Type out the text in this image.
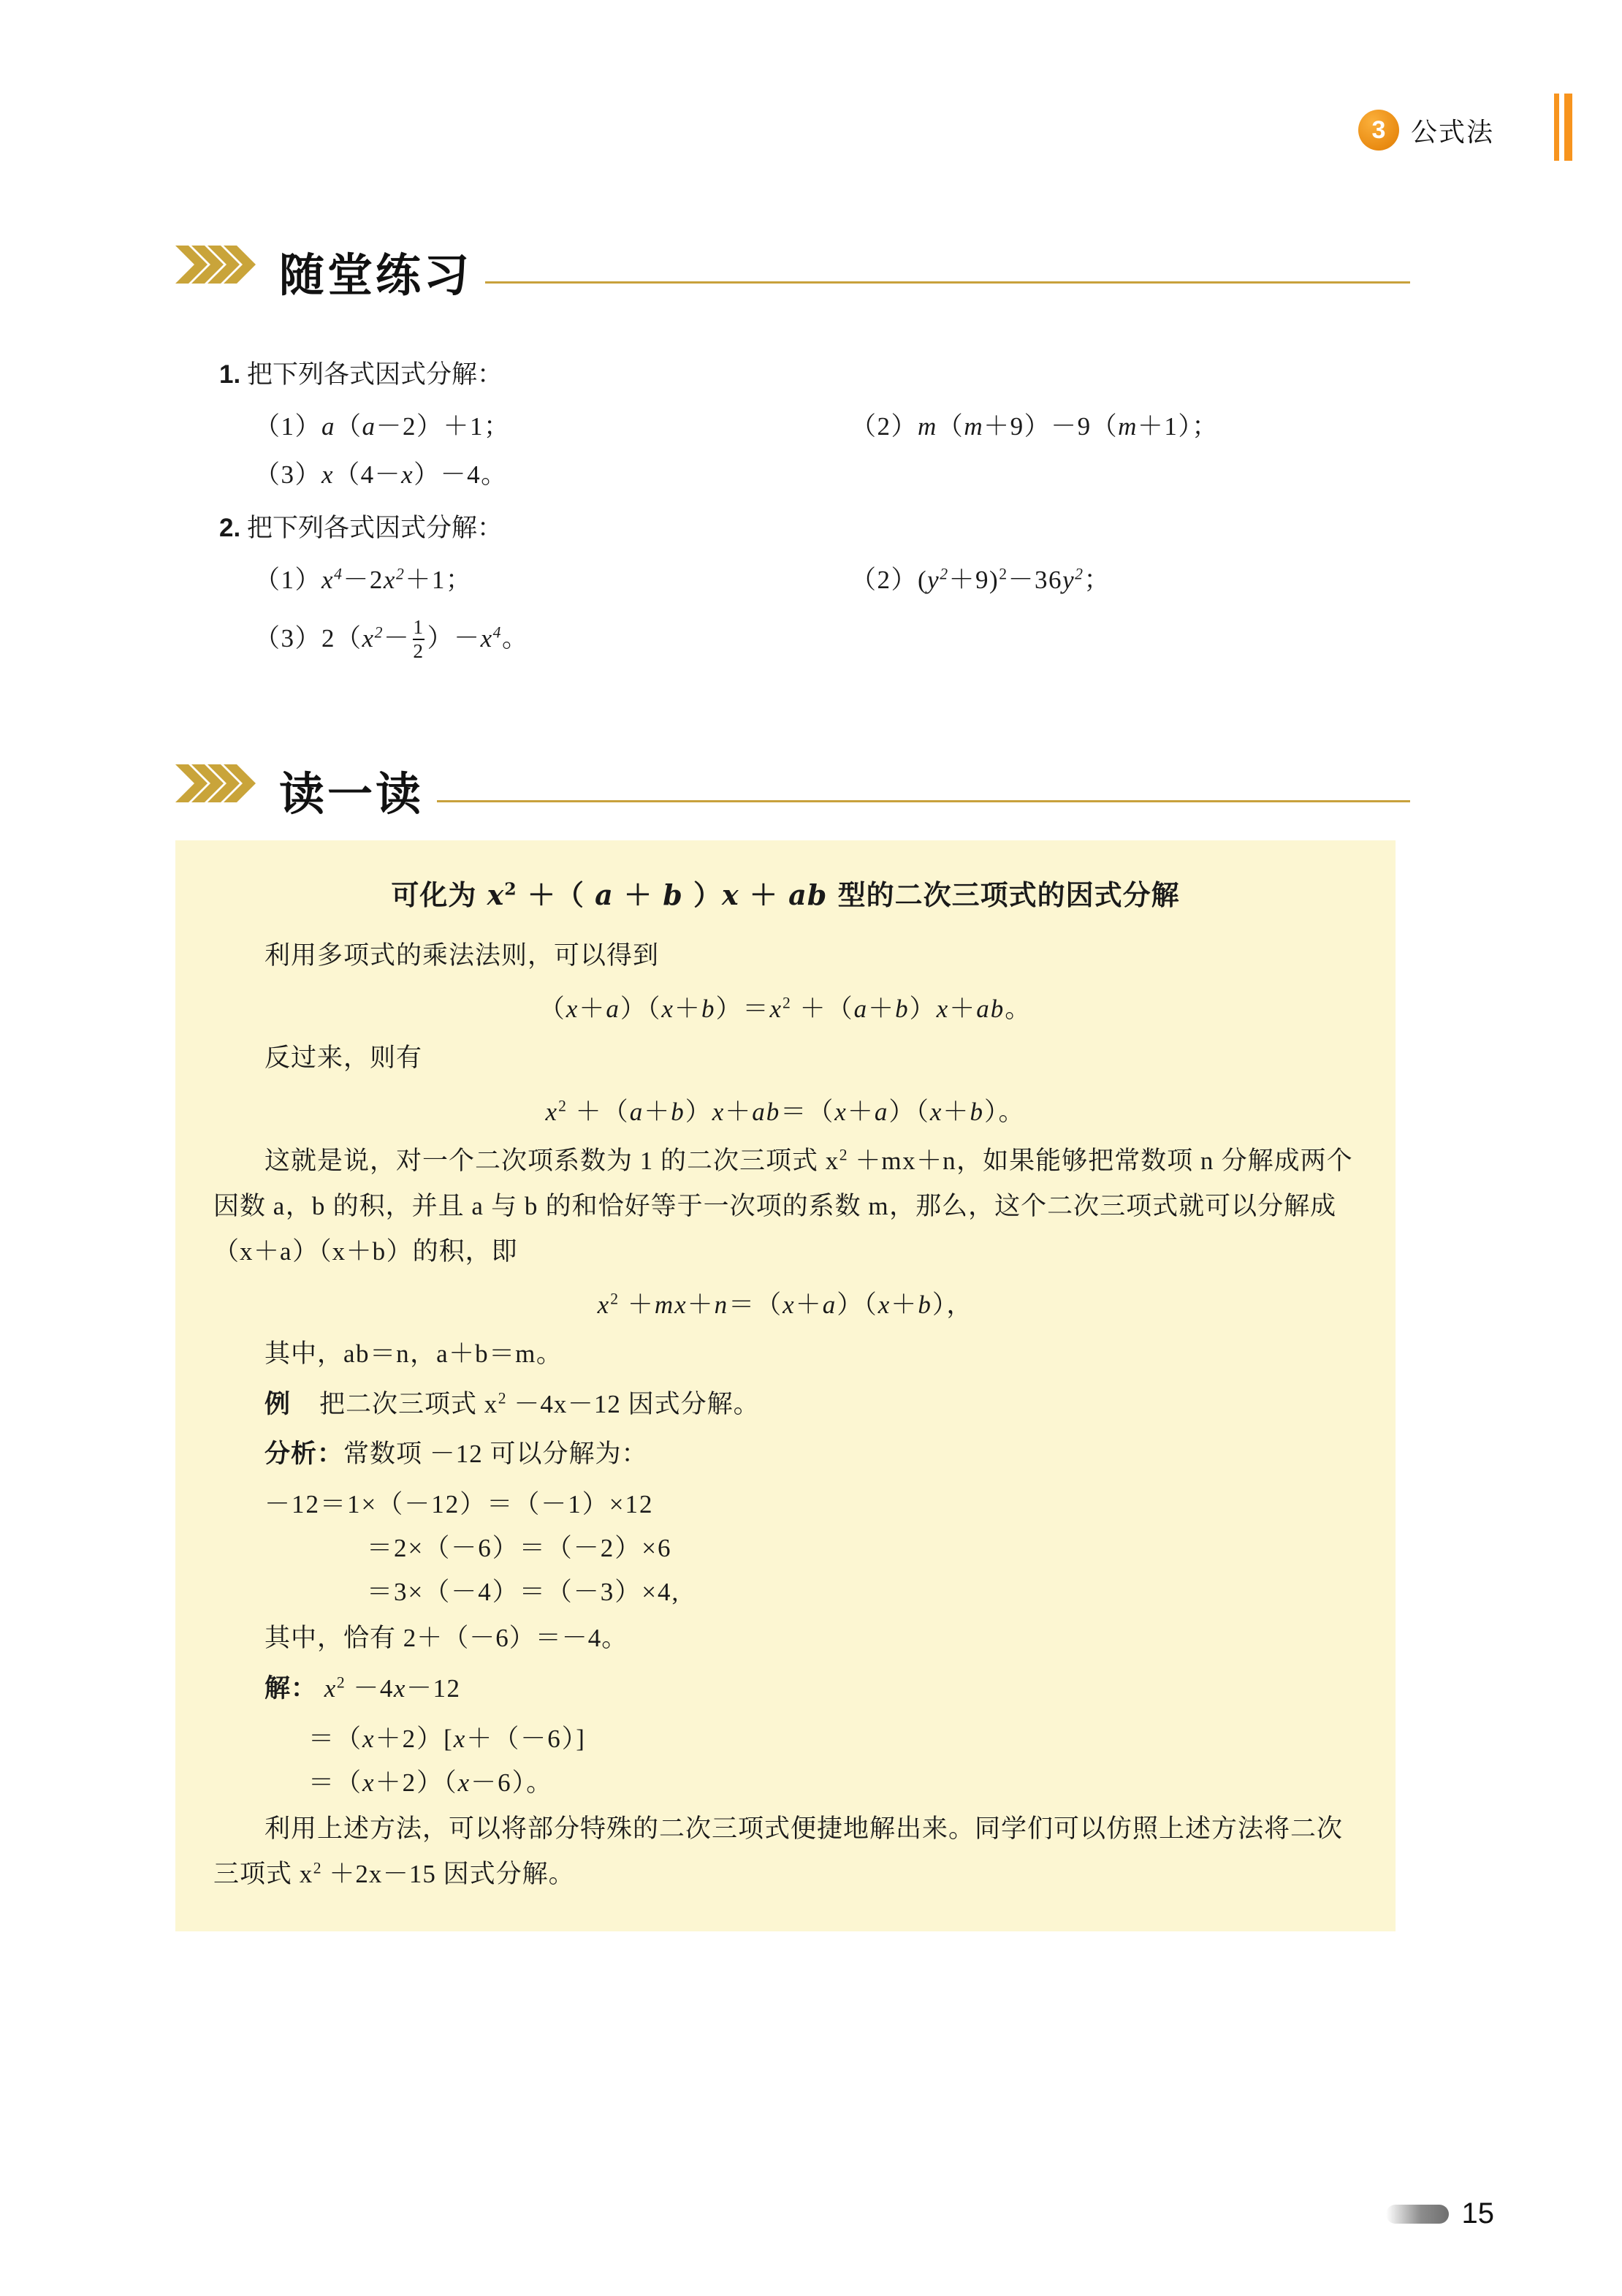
3 公式法
随堂练习
1. 把下列各式因式分解：
（1）a（a－2）＋1；	（2）m（m＋9）－9（m＋1）；
（3）x（4－x）－4。
2. 把下列各式因式分解：
$(1)x^4-2x^2+1$；	$(2)(y^2+9)^2-36y^2$；
$(3)2(x^2- \frac{1}{2} )-x^4$。
读一读
可化为 $x^2$ ＋（ a ＋ b ）x ＋ ab 型的二次三项式的因式分解
利用多项式的乘法法则，可以得到
$(x+a)(x+b)=x^2 +(a+b)x+ab$。
反过来，则有
$x^2 +(a+b)x+ab=(x+a)(x+b)$。
这就是说，对一个二次项系数为 1 的二次三项式 $x^2 +mx+n$，如果能够把常数项 n 分解成两个因数 a，b 的积，并且 a 与 b 的和恰好等于一次项的系数 m，那么，这个二次三项式就可以分解成（x＋a）（x＋b）的积，即
$x^2 +mx+n=(x+a)(x+b)$，
其中，ab＝n，a＋b＝m。
例    把二次三项式 $x^2 -4x-12$ 因式分解。
分析：常数项 －12 可以分解为：
－12＝1×（－12）＝（－1）×12
＝2×（－6）＝（－2）×6
＝3×（－4）＝（－3）×4,
其中，恰有 2＋（－6）＝－4。
解： $x^2 -4x-12$
＝（x＋2）[x＋（－6）]
＝（x＋2）（x－6）。
利用上述方法，可以将部分特殊的二次三项式便捷地解出来。同学们可以仿照上述方法将二次三项式 $x^2 +2x-15$ 因式分解。
15
